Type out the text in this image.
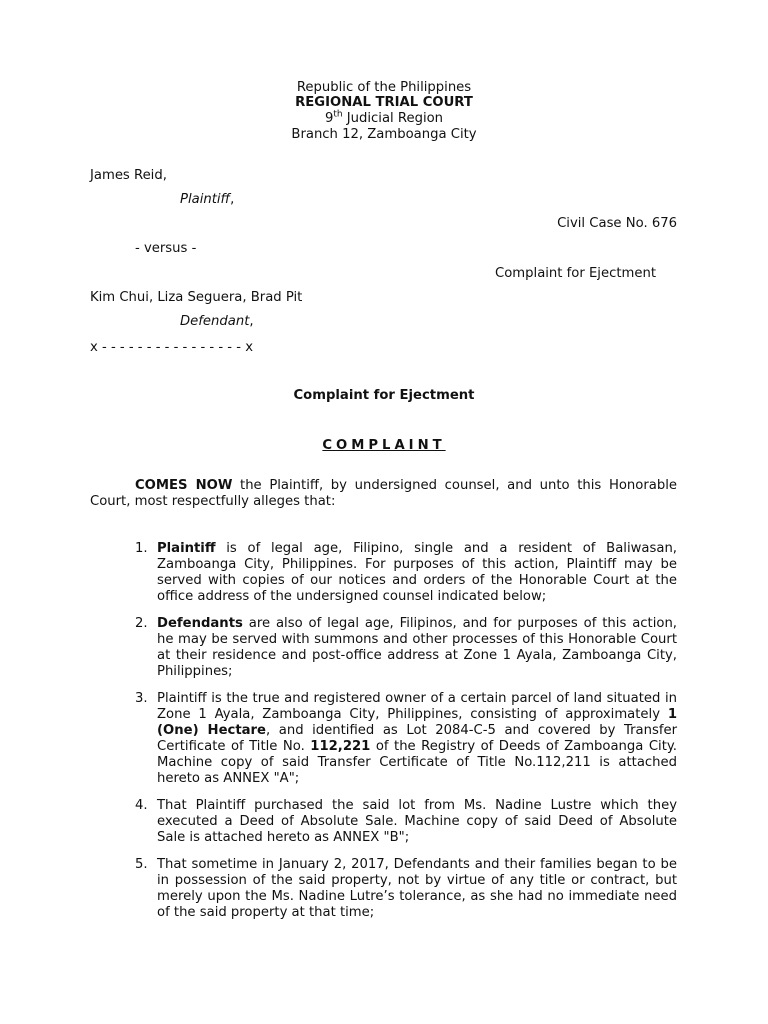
Republic of the Philippines
REGIONAL TRIAL COURT
9th Judicial Region
Branch 12, Zamboanga City
James Reid,
Plaintiff,
Civil Case No. 676
- versus -
Complaint for Ejectment
Kim Chui, Liza Seguera, Brad Pit
Defendant,
x - - - - - - - - - - - - - - - - x
Complaint for Ejectment
COMPLAINT
COMES NOW the Plaintiff, by undersigned counsel, and unto this Honorable Court, most respectfully alleges that:
1. Plaintiff is of legal age, Filipino, single and a resident of Baliwasan, Zamboanga City, Philippines. For purposes of this action, Plaintiff may be served with copies of our notices and orders of the Honorable Court at the office address of the undersigned counsel indicated below;
2. Defendants are also of legal age, Filipinos, and for purposes of this action, he may be served with summons and other processes of this Honorable Court at their residence and post-office address at Zone 1 Ayala, Zamboanga City, Philippines;
3. Plaintiff is the true and registered owner of a certain parcel of land situated in Zone 1 Ayala, Zamboanga City, Philippines, consisting of approximately 1 (One) Hectare, and identified as Lot 2084-C-5 and covered by Transfer Certificate of Title No. 112,221 of the Registry of Deeds of Zamboanga City. Machine copy of said Transfer Certificate of Title No.112,211 is attached hereto as ANNEX "A";
4. That Plaintiff purchased the said lot from Ms. Nadine Lustre which they executed a Deed of Absolute Sale. Machine copy of said Deed of Absolute Sale is attached hereto as ANNEX "B";
5. That sometime in January 2, 2017, Defendants and their families began to be in possession of the said property, not by virtue of any title or contract, but merely upon the Ms. Nadine Lutre’s tolerance, as she had no immediate need of the said property at that time;
